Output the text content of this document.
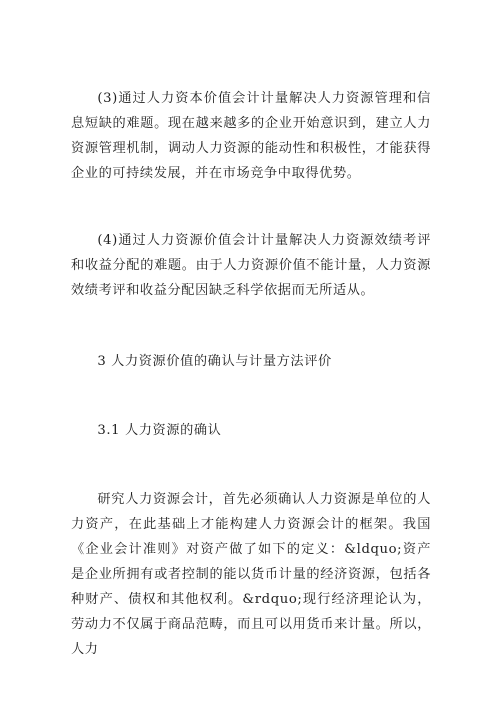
(3)通过人力资本价值会计计量解决人力资源管理和信息短缺的难题。现在越来越多的企业开始意识到，建立人力资源管理机制，调动人力资源的能动性和积极性，才能获得企业的可持续发展，并在市场竞争中取得优势。

(4)通过人力资源价值会计计量解决人力资源效绩考评和收益分配的难题。由于人力资源价值不能计量，人力资源效绩考评和收益分配因缺乏科学依据而无所适从。

3 人力资源价值的确认与计量方法评价

3.1 人力资源的确认

研究人力资源会计，首先必须确认人力资源是单位的人力资产，在此基础上才能构建人力资源会计的框架。我国《企业会计准则》对资产做了如下的定义：&ldquo;资产是企业所拥有或者控制的能以货币计量的经济资源，包括各种财产、债权和其他权利。&rdquo;现行经济理论认为，劳动力不仅属于商品范畴，而且可以用货币来计量。所以，人力
